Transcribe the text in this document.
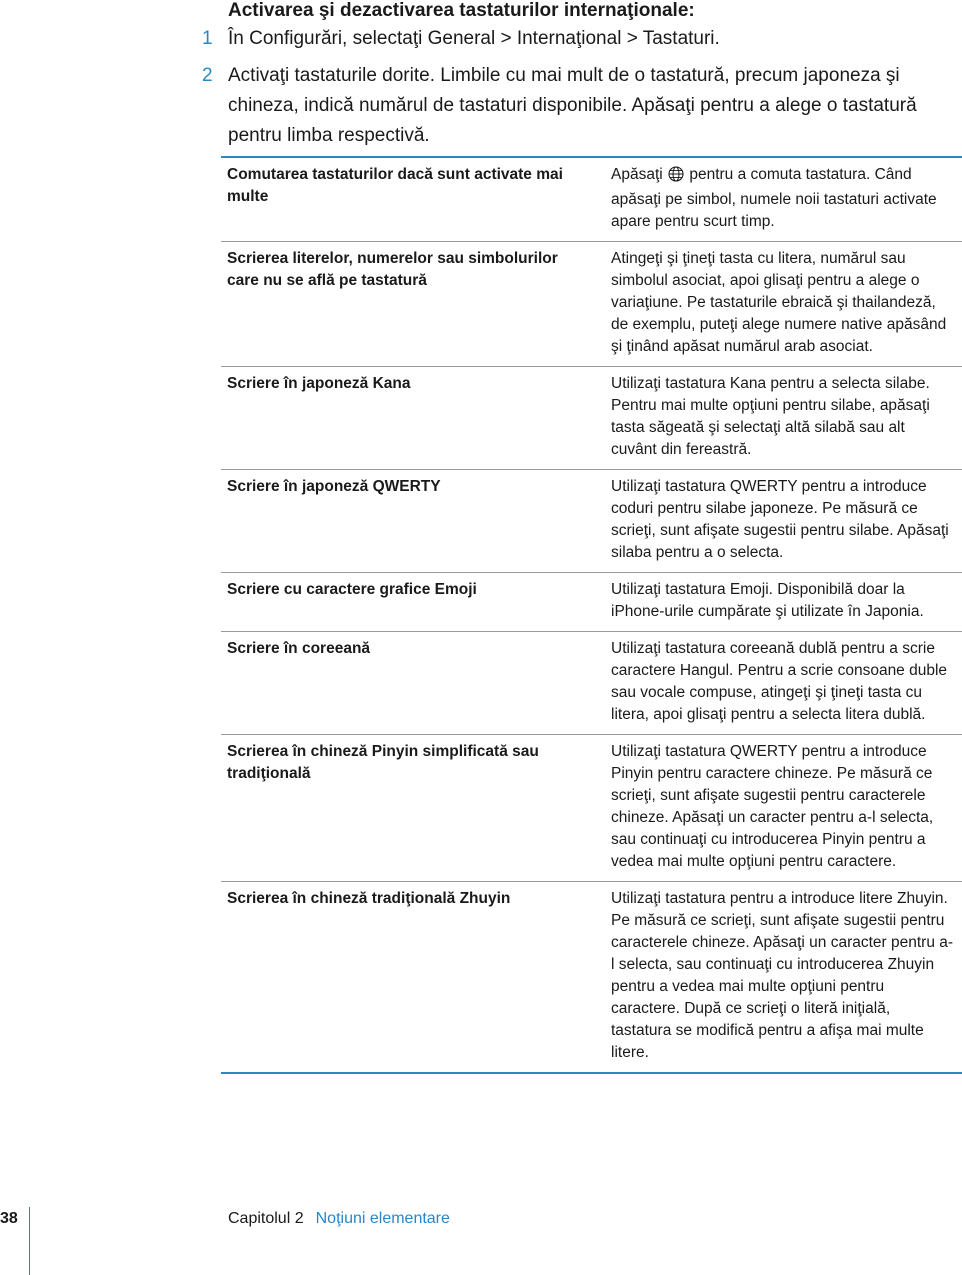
Activarea şi dezactivarea tastaturilor internaţionale:
1 În Configurări, selectaţi General > Internaţional > Tastaturi.
2 Activaţi tastaturile dorite. Limbile cu mai mult de o tastatură, precum japoneza şi chineza, indică numărul de tastaturi disponibile. Apăsaţi pentru a alege o tastatură pentru limba respectivă.
Comutarea tastaturilor dacă sunt activate mai multe	Apăsaţi pentru a comuta tastatura. Când apăsaţi pe simbol, numele noii tastaturi activate apare pentru scurt timp.
Scrierea literelor, numerelor sau simbolurilor care nu se află pe tastatură	Atingeţi şi ţineţi tasta cu litera, numărul sau simbolul asociat, apoi glisaţi pentru a alege o variaţiune. Pe tastaturile ebraică şi thailandeză, de exemplu, puteţi alege numere native apăsând şi ţinând apăsat numărul arab asociat.
Scriere în japoneză Kana	Utilizaţi tastatura Kana pentru a selecta silabe. Pentru mai multe opţiuni pentru silabe, apăsaţi tasta săgeată şi selectaţi altă silabă sau alt cuvânt din fereastră.
Scriere în japoneză QWERTY	Utilizaţi tastatura QWERTY pentru a introduce coduri pentru silabe japoneze. Pe măsură ce scrieţi, sunt afişate sugestii pentru silabe. Apăsaţi silaba pentru a o selecta.
Scriere cu caractere grafice Emoji	Utilizaţi tastatura Emoji. Disponibilă doar la iPhone-urile cumpărate şi utilizate în Japonia.
Scriere în coreeană	Utilizaţi tastatura coreeană dublă pentru a scrie caractere Hangul. Pentru a scrie consoane duble sau vocale compuse, atingeţi şi ţineţi tasta cu litera, apoi glisaţi pentru a selecta litera dublă.
Scrierea în chineză Pinyin simplificată sau tradiţională	Utilizaţi tastatura QWERTY pentru a introduce Pinyin pentru caractere chineze. Pe măsură ce scrieţi, sunt afişate sugestii pentru caracterele chineze. Apăsaţi un caracter pentru a-l selecta, sau continuaţi cu introducerea Pinyin pentru a vedea mai multe opţiuni pentru caractere.
Scrierea în chineză tradiţională Zhuyin	Utilizaţi tastatura pentru a introduce litere Zhuyin. Pe măsură ce scrieţi, sunt afişate sugestii pentru caracterele chineze. Apăsaţi un caracter pentru a-l selecta, sau continuaţi cu introducerea Zhuyin pentru a vedea mai multe opţiuni pentru caractere. După ce scrieţi o literă iniţială, tastatura se modifică pentru a afişa mai multe litere.
38	Capitolul 2 Noţiuni elementare
